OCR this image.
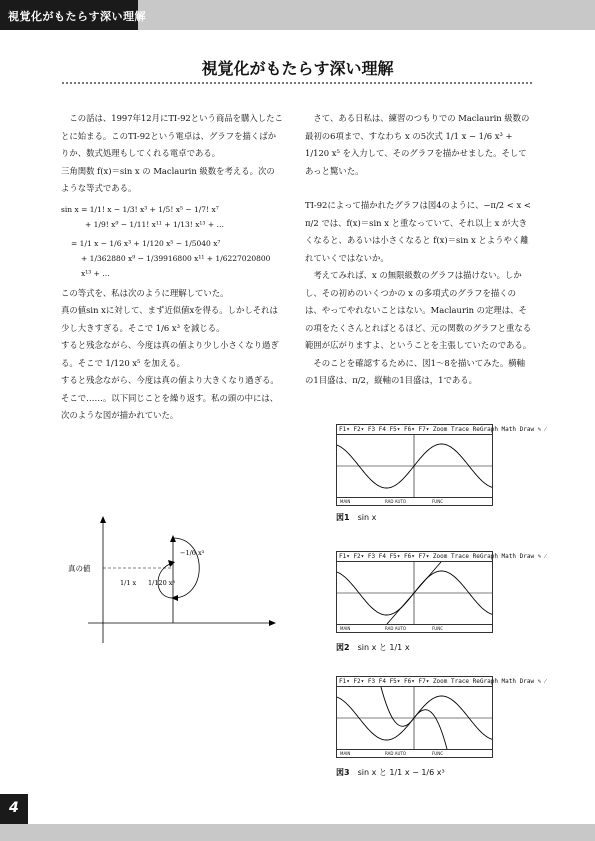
視覚化がもたらす深い理解
視覚化がもたらす深い理解

　この話は、1997年12月にTI-92という商品を購入したことに始まる。このTI-92という電卓は、グラフを描くばかりか、数式処理もしてくれる電卓である。

三角関数 f(x)＝sin x の Maclaurin 級数を考える。次のような等式である。

sin x = 1/1! x − 1/3! x³ + 1/5! x⁵ − 1/7! x⁷
+ 1/9! x⁹ − 1/11! x¹¹ + 1/13! x¹³ + …
= 1/1 x − 1/6 x³ + 1/120 x⁵ − 1/5040 x⁷
+ 1/362880 x⁹ − 1/39916800 x¹¹ + 1/6227020800 x¹³ + …

この等式を、私は次のように理解していた。

真の値sin xに対して、まず近似値xを得る。しかしそれは少し大きすぎる。そこで 1/6 x³ を減じる。

すると残念ながら、今度は真の値より少し小さくなり過ぎる。そこで 1/120 x⁵ を加える。

すると残念ながら、今度は真の値より大きくなり過ぎる。

そこで……。以下同じことを繰り返す。私の頭の中には、次のような図が描かれていた。

真の値
1/1 x 1/120 x⁵
−1/6 x³

　さて、ある日私は、練習のつもりでの Maclaurin 級数の最初の6項まで、すなわち x の5次式 1/1 x − 1/6 x³ + 1/120 x⁵ を入力して、そのグラフを描かせました。そしてあっと驚いた。

TI-92によって描かれたグラフは図4のように、−π/2 < x < π/2 では、f(x)＝sin x と重なっていて、それ以上 x が大きくなると、あるいは小さくなると f(x)＝sin x とようやく離れていくではないか。

　考えてみれば、x の無限級数のグラフは描けない。しかし、その初めのいくつかの x の多項式のグラフを描くのは、やってやれないことはない。Maclaurin の定理は、その項をたくさんとればとるほど、元の関数のグラフと重なる範囲が広がりますよ、ということを主張していたのである。

　そのことを確認するために、図1〜8を描いてみた。横軸の1目盛は、π/2，縦軸の1目盛は，1である。

F1▾ F2▾ F3 F4 F5▾ F6▾ F7▾ Zoom Trace ReGraph Math Draw ✎ ⁄
MAIN	RAD AUTO	FUNC
図1 sin x
F1▾ F2▾ F3 F4 F5▾ F6▾ F7▾ Zoom Trace ReGraph Math Draw ✎ ⁄
MAIN	RAD AUTO	FUNC
図2 sin x と 1/1 x
F1▾ F2▾ F3 F4 F5▾ F6▾ F7▾ Zoom Trace ReGraph Math Draw ✎ ⁄
MAIN	RAD AUTO	FUNC
図3 sin x と 1/1 x − 1/6 x³
4
